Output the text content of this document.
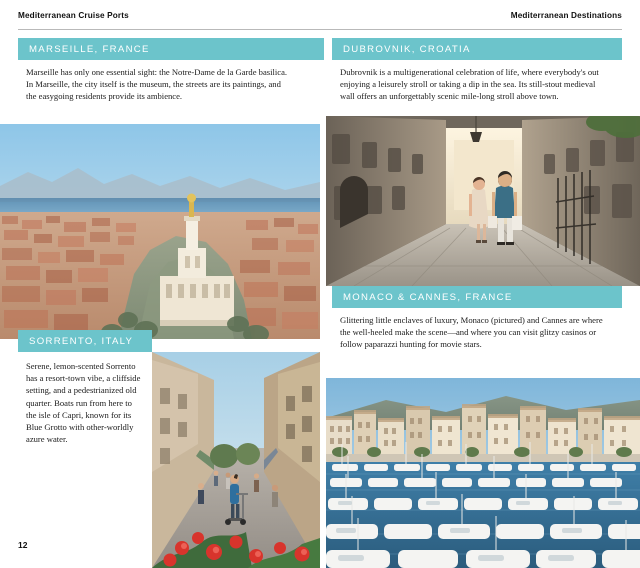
Mediterranean Cruise Ports	Mediterranean Destinations
MARSEILLE, FRANCE
Marseille has only one essential sight: the Notre-Dame de la Garde basilica. In Marseille, the city itself is the museum, the streets are its paintings, and the easygoing residents provide its ambience.
SORRENTO, ITALY
Serene, lemon-scented Sorrento has a resort-town vibe, a cliffside setting, and a pedestrianized old quarter. Boats run from here to the isle of Capri, known for its Blue Grotto with other-worldly azure water.
DUBROVNIK, CROATIA
Dubrovnik is a multigenerational celebration of life, where everybody's out enjoying a leisurely stroll or taking a dip in the sea. Its still-stout medieval wall offers an unforgettably scenic mile-long stroll above town.
MONACO & CANNES, FRANCE
Glittering little enclaves of luxury, Monaco (pictured) and Cannes are where the well-heeled make the scene—and where you can visit glitzy casinos or follow paparazzi hunting for movie stars.
12
